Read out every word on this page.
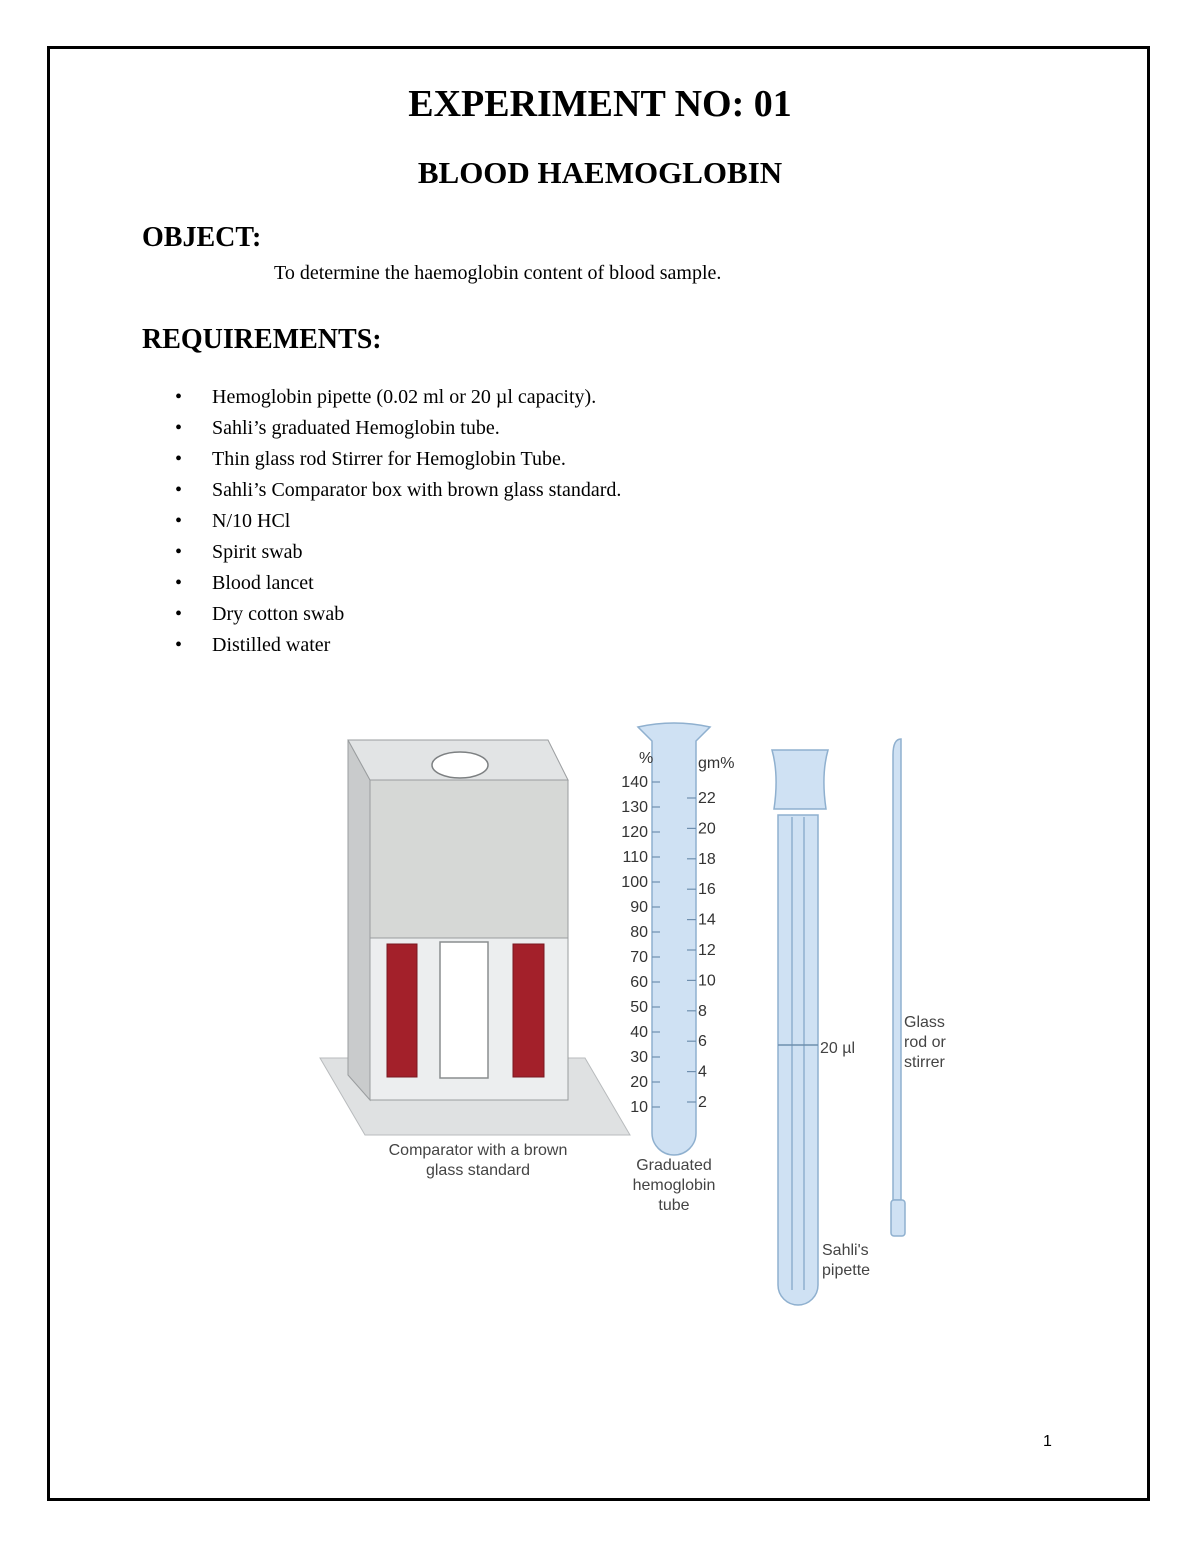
EXPERIMENT NO: 01
BLOOD HAEMOGLOBIN
OBJECT:

To determine the haemoglobin content of blood sample.

REQUIREMENTS:
• Hemoglobin pipette (0.02 ml or 20 µl capacity).
• Sahli’s graduated Hemoglobin tube.
• Thin glass rod Stirrer for Hemoglobin Tube.
• Sahli’s Comparator box with brown glass standard.
• N/10 HCl
• Spirit swab
• Blood lancet
• Dry cotton swab
• Distilled water
Comparator with a brown
glass standard
%	gm%
140
130
120
110
100
90
80
70
60
50
40
30
20
10
22
20
18
16
14
12
10
8
6
4
2
Graduated
hemoglobin
tube
20 µl
Sahli's
pipette
Glass
rod or
stirrer

1
